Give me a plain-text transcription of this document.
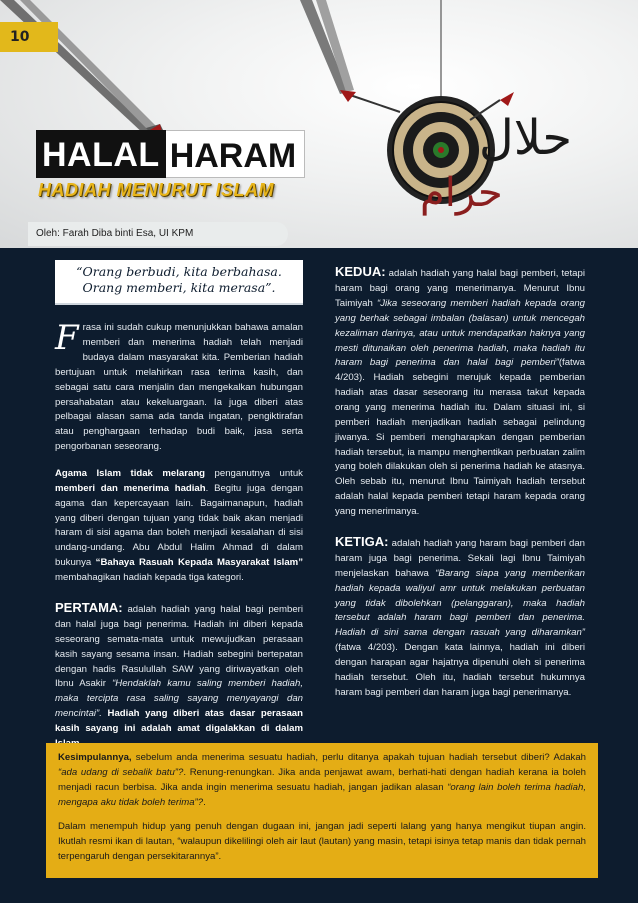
10
حلال
حرام
HALAL HARAM
HADIAH MENURUT ISLAM
Oleh: Farah Diba binti Esa, UI KPM
“Orang berbudi, kita berbahasa. Orang memberi, kita merasa”.

Frasa ini sudah cukup menunjukkan bahawa amalan memberi dan menerima hadiah telah menjadi budaya dalam masyarakat kita. Pemberian hadiah bertujuan untuk melahirkan rasa terima kasih, dan sebagai satu cara menjalin dan mengekalkan hubungan persahabatan atau kekeluargaan. Ia juga diberi atas pelbagai alasan sama ada tanda ingatan, pengiktirafan atau penghargaan terhadap budi baik, jasa serta pengorbanan seseorang.

Agama Islam tidak melarang penganutnya untuk memberi dan menerima hadiah. Begitu juga dengan agama dan kepercayaan lain. Bagaimanapun, hadiah yang diberi dengan tujuan yang tidak baik akan menjadi haram di sisi agama dan boleh menjadi kesalahan di sisi undang-undang. Abu Abdul Halim Ahmad di dalam bukunya “Bahaya Rasuah Kepada Masyarakat Islam” membahagikan hadiah kepada tiga kategori.

PERTAMA: adalah hadiah yang halal bagi pemberi dan halal juga bagi penerima. Hadiah ini diberi kepada seseorang semata-mata untuk mewujudkan perasaan kasih sayang sesama insan. Hadiah sebegini bertepatan dengan hadis Rasulullah SAW yang diriwayatkan oleh Ibnu Asakir “Hendaklah kamu saling memberi hadiah, maka tercipta rasa saling sayang menyayangi dan mencintai”. Hadiah yang diberi atas dasar perasaan kasih sayang ini adalah amat digalakkan di dalam

KEDUA: adalah hadiah yang halal bagi pemberi, tetapi haram bagi orang yang menerimanya. Menurut Ibnu Taimiyah “Jika seseorang memberi hadiah kepada orang yang berhak sebagai imbalan (balasan) untuk mencegah kezaliman darinya, atau untuk mendapatkan haknya yang mesti ditunaikan oleh penerima hadiah, maka hadiah itu haram bagi penerima dan halal bagi pemberi”(fatwa 4/203). Hadiah sebegini merujuk kepada pemberian hadiah atas dasar seseorang itu merasa takut kepada orang yang menerima hadiah itu. Dalam situasi ini, si pemberi hadiah menjadikan hadiah sebagai pelindung jiwanya. Si pemberi mengharapkan dengan pemberian hadiah tersebut, ia mampu menghentikan perbuatan zalim yang boleh dilakukan oleh si penerima hadiah ke atasnya. Oleh sebab itu, menurut Ibnu Taimiyah hadiah tersebut adalah halal kepada pemberi tetapi haram kepada orang yang menerimanya.

KETIGA: adalah hadiah yang haram bagi pemberi dan haram juga bagi penerima. Sekali lagi Ibnu Taimiyah menjelaskan bahawa “Barang siapa yang memberikan hadiah kepada waliyul amr untuk melakukan perbuatan yang tidak dibolehkan (pelanggaran), maka hadiah tersebut adalah haram bagi pemberi dan penerima. Hadiah di sini sama dengan rasuah yang diharamkan” (fatwa 4/203). Dengan kata lainnya, hadiah ini diberi dengan harapan agar hajatnya dipenuhi oleh si penerima hadiah tersebut. Oleh itu, hadiah tersebut hukumnya haram bagi pemberi dan haram juga bagi penerimanya.

Kesimpulannya, sebelum anda menerima sesuatu hadiah, perlu ditanya apakah tujuan hadiah tersebut diberi? Adakah “ada udang di sebalik batu”?. Renung-renungkan. Jika anda penjawat awam, berhati-hati dengan hadiah kerana ia boleh menjadi racun berbisa. Jika anda ingin menerima sesuatu hadiah, jangan jadikan alasan “orang lain boleh terima hadiah, mengapa aku tidak boleh terima”?.

Dalam menempuh hidup yang penuh dengan dugaan ini, jangan jadi seperti lalang yang hanya mengikut tiupan angin. Ikutlah resmi ikan di lautan, “walaupun dikelilingi oleh air laut (lautan) yang masin, tetapi isinya tetap manis dan tidak pernah terpengaruh dengan persekitarannya”.
